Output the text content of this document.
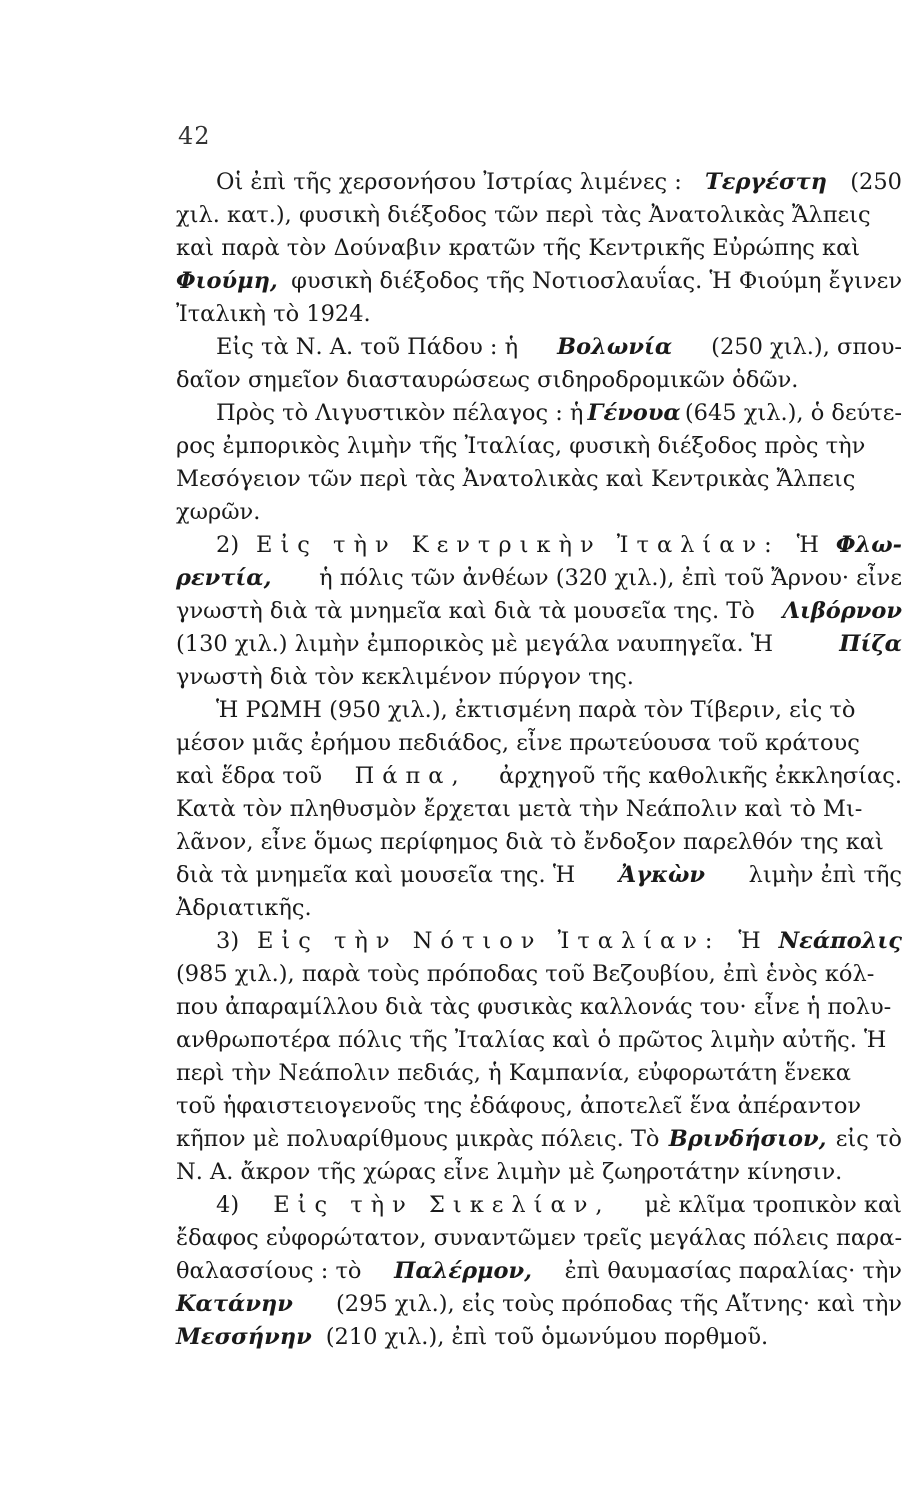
42
Οἱ ἐπὶ τῆς χερσονήσου Ἰστρίας λιμένες : Τεργέστη (250
χιλ. κατ.), φυσικὴ διέξοδος τῶν περὶ τὰς Ἀνατολικὰς Ἄλπεις
καὶ παρὰ τὸν Δούναβιν κρατῶν τῆς Κεντρικῆς Εὐρώπης καὶ
Φιούμη, φυσικὴ διέξοδος τῆς Νοτιοσλαυΐας. Ἡ Φιούμη ἔγινεν
Ἰταλικὴ τὸ 1924.
Εἰς τὰ Ν. Α. τοῦ Πάδου : ἡ Βολωνία (250 χιλ.), σπου-
δαῖον σημεῖον διασταυρώσεως σιδηροδρομικῶν ὁδῶν.
Πρὸς τὸ Λιγυστικὸν πέλαγος : ἡ Γένουα (645 χιλ.), ὁ δεύτε-
ρος ἐμπορικὸς λιμὴν τῆς Ἰταλίας, φυσικὴ διέξοδος πρὸς τὴν
Μεσόγειον τῶν περὶ τὰς Ἀνατολικὰς καὶ Κεντρικὰς Ἄλπεις
χωρῶν.
2) Εἰς τὴν Κεντρικὴν Ἰταλίαν: Ἡ Φλω-
ρεντία, ἡ πόλις τῶν ἀνθέων (320 χιλ.), ἐπὶ τοῦ Ἄρνου· εἶνε
γνωστὴ διὰ τὰ μνημεῖα καὶ διὰ τὰ μουσεῖα της. Τὸ Λιβόρνον
(130 χιλ.) λιμὴν ἐμπορικὸς μὲ μεγάλα ναυπηγεῖα. Ἡ	Πίζα
γνωστὴ διὰ τὸν κεκλιμένον πύργον της.
Ἡ ΡΩΜΗ (950 χιλ.), ἐκτισμένη παρὰ τὸν Τίβεριν, εἰς τὸ
μέσον μιᾶς ἐρήμου πεδιάδος, εἶνε πρωτεύουσα τοῦ κράτους
καὶ ἕδρα τοῦ Πάπα, ἀρχηγοῦ τῆς καθολικῆς ἐκκλησίας.
Κατὰ τὸν πληθυσμὸν ἔρχεται μετὰ τὴν Νεάπολιν καὶ τὸ Μι-
λᾶνον, εἶνε ὅμως περίφημος διὰ τὸ ἔνδοξον παρελθόν της καὶ
διὰ τὰ μνημεῖα καὶ μουσεῖα της. Ἡ Ἀγκὼν λιμὴν ἐπὶ τῆς
Ἀδριατικῆς.
3) Εἰς τὴν Νότιον Ἰταλίαν: Ἡ Νεάπολις
(985 χιλ.), παρὰ τοὺς πρόποδας τοῦ Βεζουβίου, ἐπὶ ἑνὸς κόλ-
που ἀπαραμίλλου διὰ τὰς φυσικὰς καλλονάς του· εἶνε ἡ πολυ-
ανθρωποτέρα πόλις τῆς Ἰταλίας καὶ ὁ πρῶτος λιμὴν αὐτῆς. Ἡ
περὶ τὴν Νεάπολιν πεδιάς, ἡ Καμπανία, εὐφορωτάτη ἕνεκα
τοῦ ἡφαιστειογενοῦς της ἐδάφους, ἀποτελεῖ ἕνα ἀπέραντον
κῆπον μὲ πολυαρίθμους μικρὰς πόλεις. Τὸ Βρινδήσιον, εἰς τὸ
Ν. Α. ἄκρον τῆς χώρας εἶνε λιμὴν μὲ ζωηροτάτην κίνησιν.
4) Εἰς τὴν Σικελίαν, μὲ κλῖμα τροπικὸν καὶ
ἔδαφος εὐφορώτατον, συναντῶμεν τρεῖς μεγάλας πόλεις παρα-
θαλασσίους : τὸ Παλέρμον, ἐπὶ θαυμασίας παραλίας· τὴν
Κατάνην (295 χιλ.), εἰς τοὺς πρόποδας τῆς Αἴτνης· καὶ τὴν
Μεσσήνην (210 χιλ.), ἐπὶ τοῦ ὁμωνύμου πορθμοῦ.
